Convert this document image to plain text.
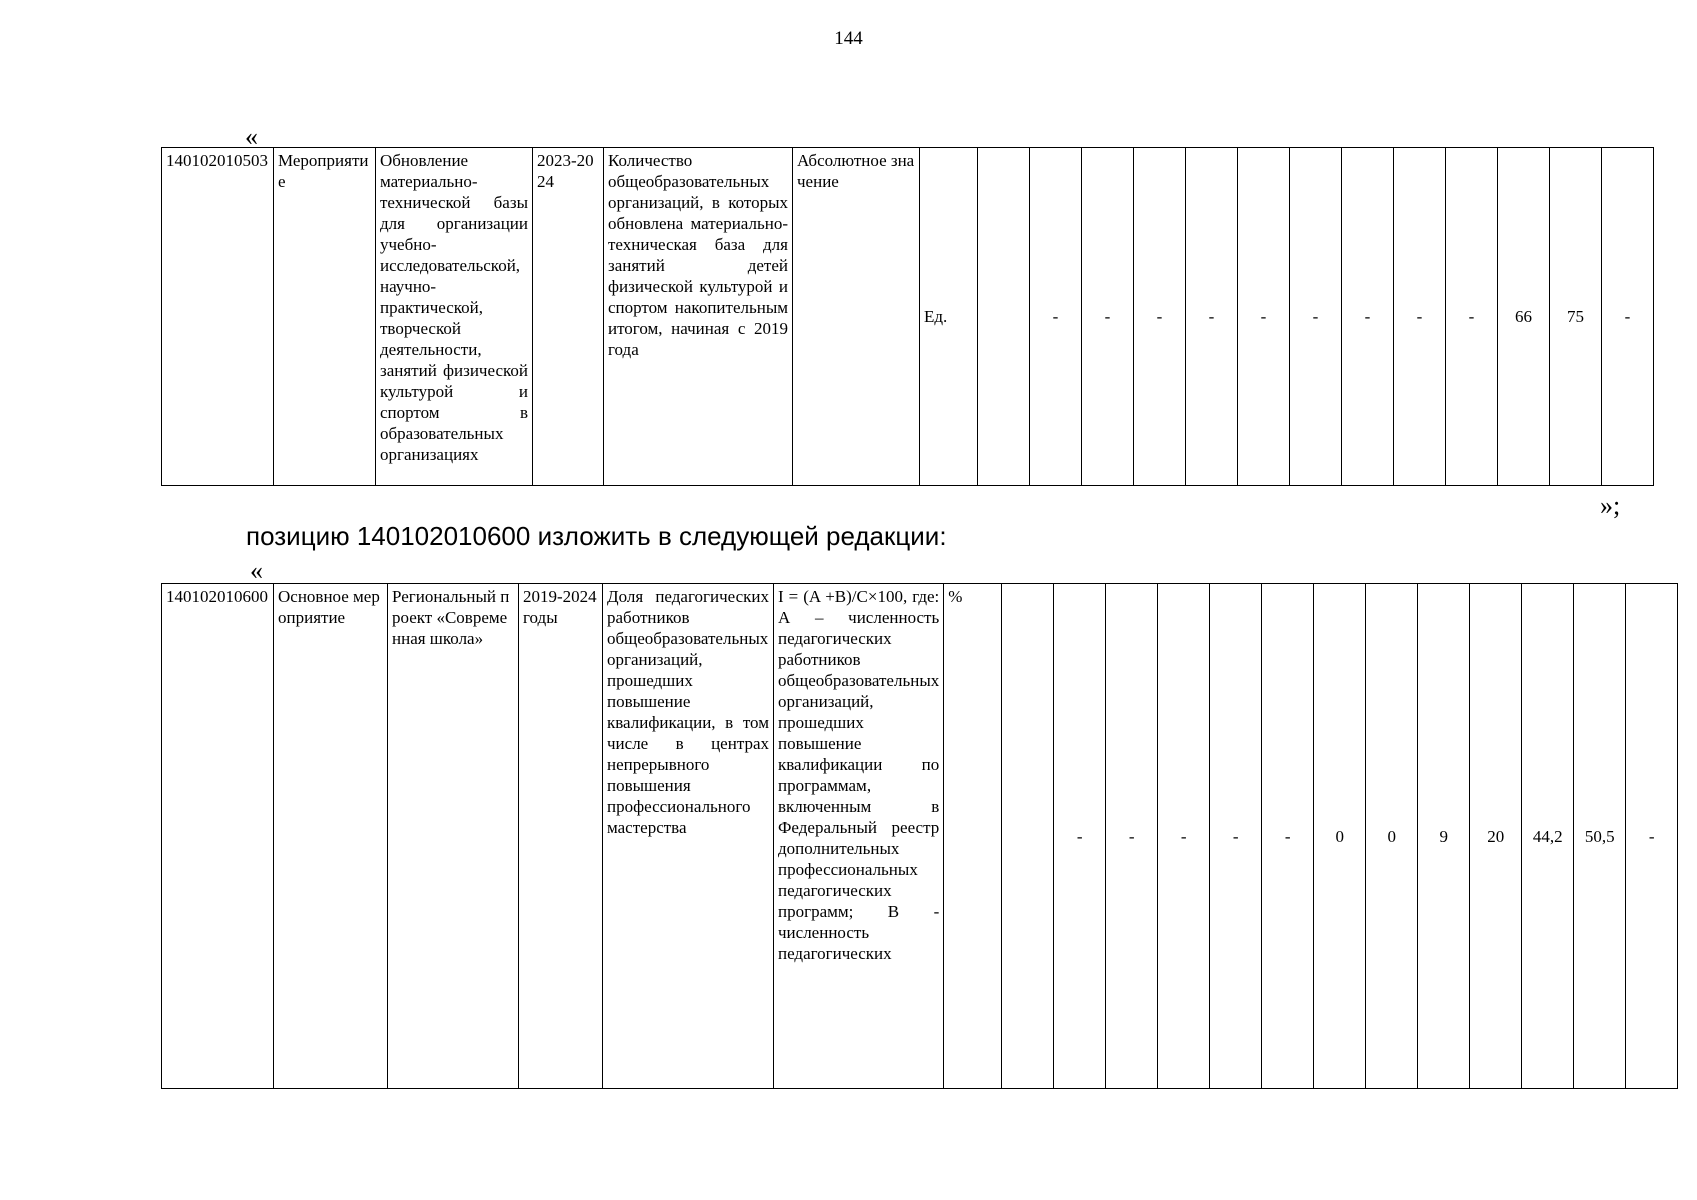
144
«
140102010503	Мероприятие	Обновление материально-технической базы для организации учебно-исследовательской, научно-практической, творческой деятельности, занятий физической культурой и спортом в образовательных организациях	2023-2024	Количество общеобразовательных организаций, в которых обновлена материально-техническая база для занятий детей физической культурой и спортом накопительным итогом, начиная с 2019 года	Абсолютное значение	Ед.		-	-	-	-	-	-	-	-	-	66	75	-
»;
позицию 140102010600 изложить в следующей редакции:
«
140102010600	Основное мероприятие	Региональный проект «Современная школа»	2019-2024 годы	Доля педагогических работников общеобразовательных организаций, прошедших повышение квалификации, в том числе в центрах непрерывного повышения профессионального мастерства	I = (A +B)/C×100, где: А – численность педагогических работников общеобразовательных организаций, прошедших повышение квалификации по программам, включенным в Федеральный реестр дополнительных профессиональных педагогических программ; В - численность педагогических	%		-	-	-	-	-	0	0	9	20	44,2	50,5	-
